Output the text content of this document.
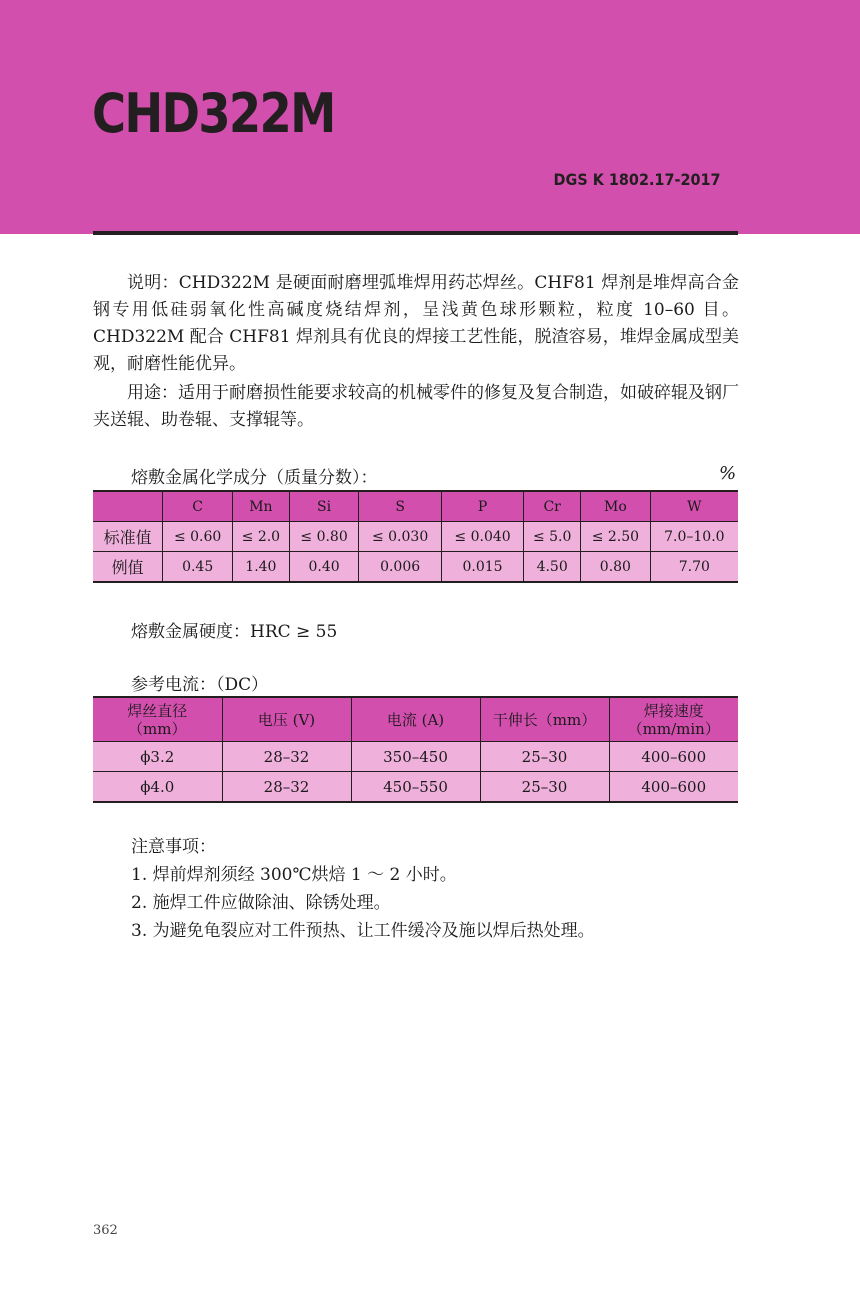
CHD322M
DGS K 1802.17-2017

说明：CHD322M 是硬面耐磨埋弧堆焊用药芯焊丝。CHF81 焊剂是堆焊高合金钢专用低硅弱氧化性高碱度烧结焊剂，呈浅黄色球形颗粒，粒度 10–60 目。CHD322M 配合 CHF81 焊剂具有优良的焊接工艺性能，脱渣容易，堆焊金属成型美观，耐磨性能优异。

用途：适用于耐磨损性能要求较高的机械零件的修复及复合制造，如破碎辊及钢厂夹送辊、助卷辊、支撑辊等。

熔敷金属化学成分（质量分数）：	%
	C	Mn	Si	S	P	Cr	Mo	W
标准值	≤ 0.60	≤ 2.0	≤ 0.80	≤ 0.030	≤ 0.040	≤ 5.0	≤ 2.50	7.0–10.0
例值	0.45	1.40	0.40	0.006	0.015	4.50	0.80	7.70
熔敷金属硬度：HRC ≥ 55
参考电流：（DC）
焊丝直径
（mm）	电压 (V)	电流 (A)	干伸长（mm）	焊接速度
（mm/min）
ϕ3.2	28–32	350–450	25–30	400–600
ϕ4.0	28–32	450–550	25–30	400–600
注意事项：
1. 焊前焊剂须经 300℃烘焙 1 ～ 2 小时。
2. 施焊工件应做除油、除锈处理。
3. 为避免龟裂应对工件预热、让工件缓冷及施以焊后热处理。
362
